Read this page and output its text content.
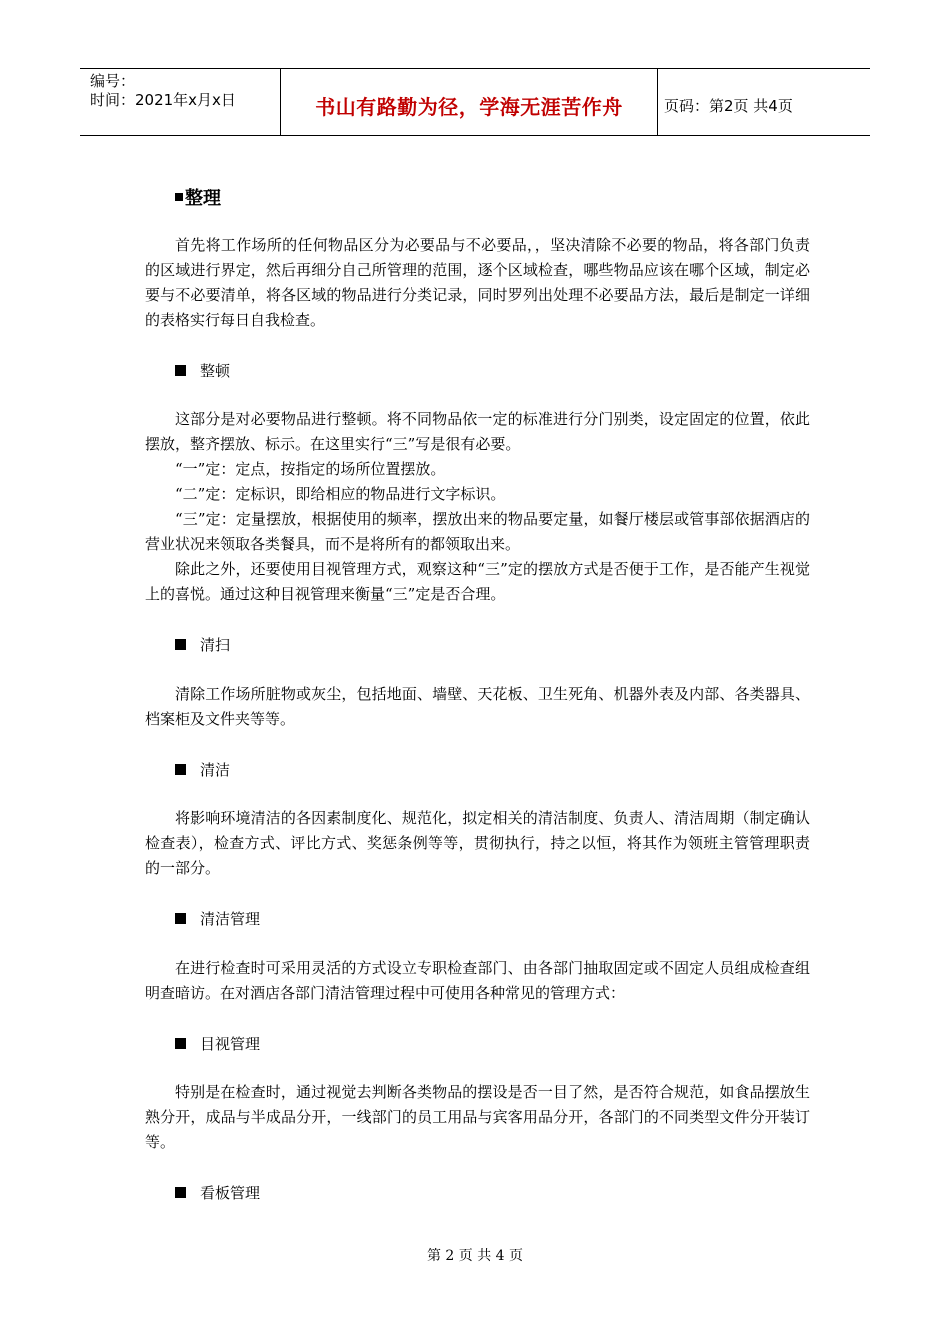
编号：
时间：2021年x月x日	书山有路勤为径，学海无涯苦作舟	页码：第2页 共4页
整理

首先将工作场所的任何物品区分为必要品与不必要品，，坚决清除不必要的物品，将各部门负责的区域进行界定，然后再细分自己所管理的范围，逐个区域检查，哪些物品应该在哪个区域，制定必要与不必要清单，将各区域的物品进行分类记录，同时罗列出处理不必要品方法，最后是制定一详细的表格实行每日自我检查。

整顿

这部分是对必要物品进行整顿。将不同物品依一定的标准进行分门别类，设定固定的位置，依此摆放，整齐摆放、标示。在这里实行“三”写是很有必要。

“一”定：定点，按指定的场所位置摆放。

“二”定：定标识，即给相应的物品进行文字标识。

“三”定：定量摆放，根据使用的频率，摆放出来的物品要定量，如餐厅楼层或管事部依据酒店的营业状况来领取各类餐具，而不是将所有的都领取出来。

除此之外，还要使用目视管理方式，观察这种“三”定的摆放方式是否便于工作，是否能产生视觉上的喜悦。通过这种目视管理来衡量“三”定是否合理。

清扫

清除工作场所脏物或灰尘，包括地面、墙壁、天花板、卫生死角、机器外表及内部、各类器具、档案柜及文件夹等等。

清洁

将影响环境清洁的各因素制度化、规范化，拟定相关的清洁制度、负责人、清洁周期（制定确认检查表），检查方式、评比方式、奖惩条例等等，贯彻执行，持之以恒，将其作为领班主管管理职责的一部分。

清洁管理

在进行检查时可采用灵活的方式设立专职检查部门、由各部门抽取固定或不固定人员组成检查组明查暗访。在对酒店各部门清洁管理过程中可使用各种常见的管理方式：

目视管理

特别是在检查时，通过视觉去判断各类物品的摆设是否一目了然，是否符合规范，如食品摆放生熟分开，成品与半成品分开，一线部门的员工用品与宾客用品分开，各部门的不同类型文件分开装订等。

看板管理
第 2 页 共 4 页
